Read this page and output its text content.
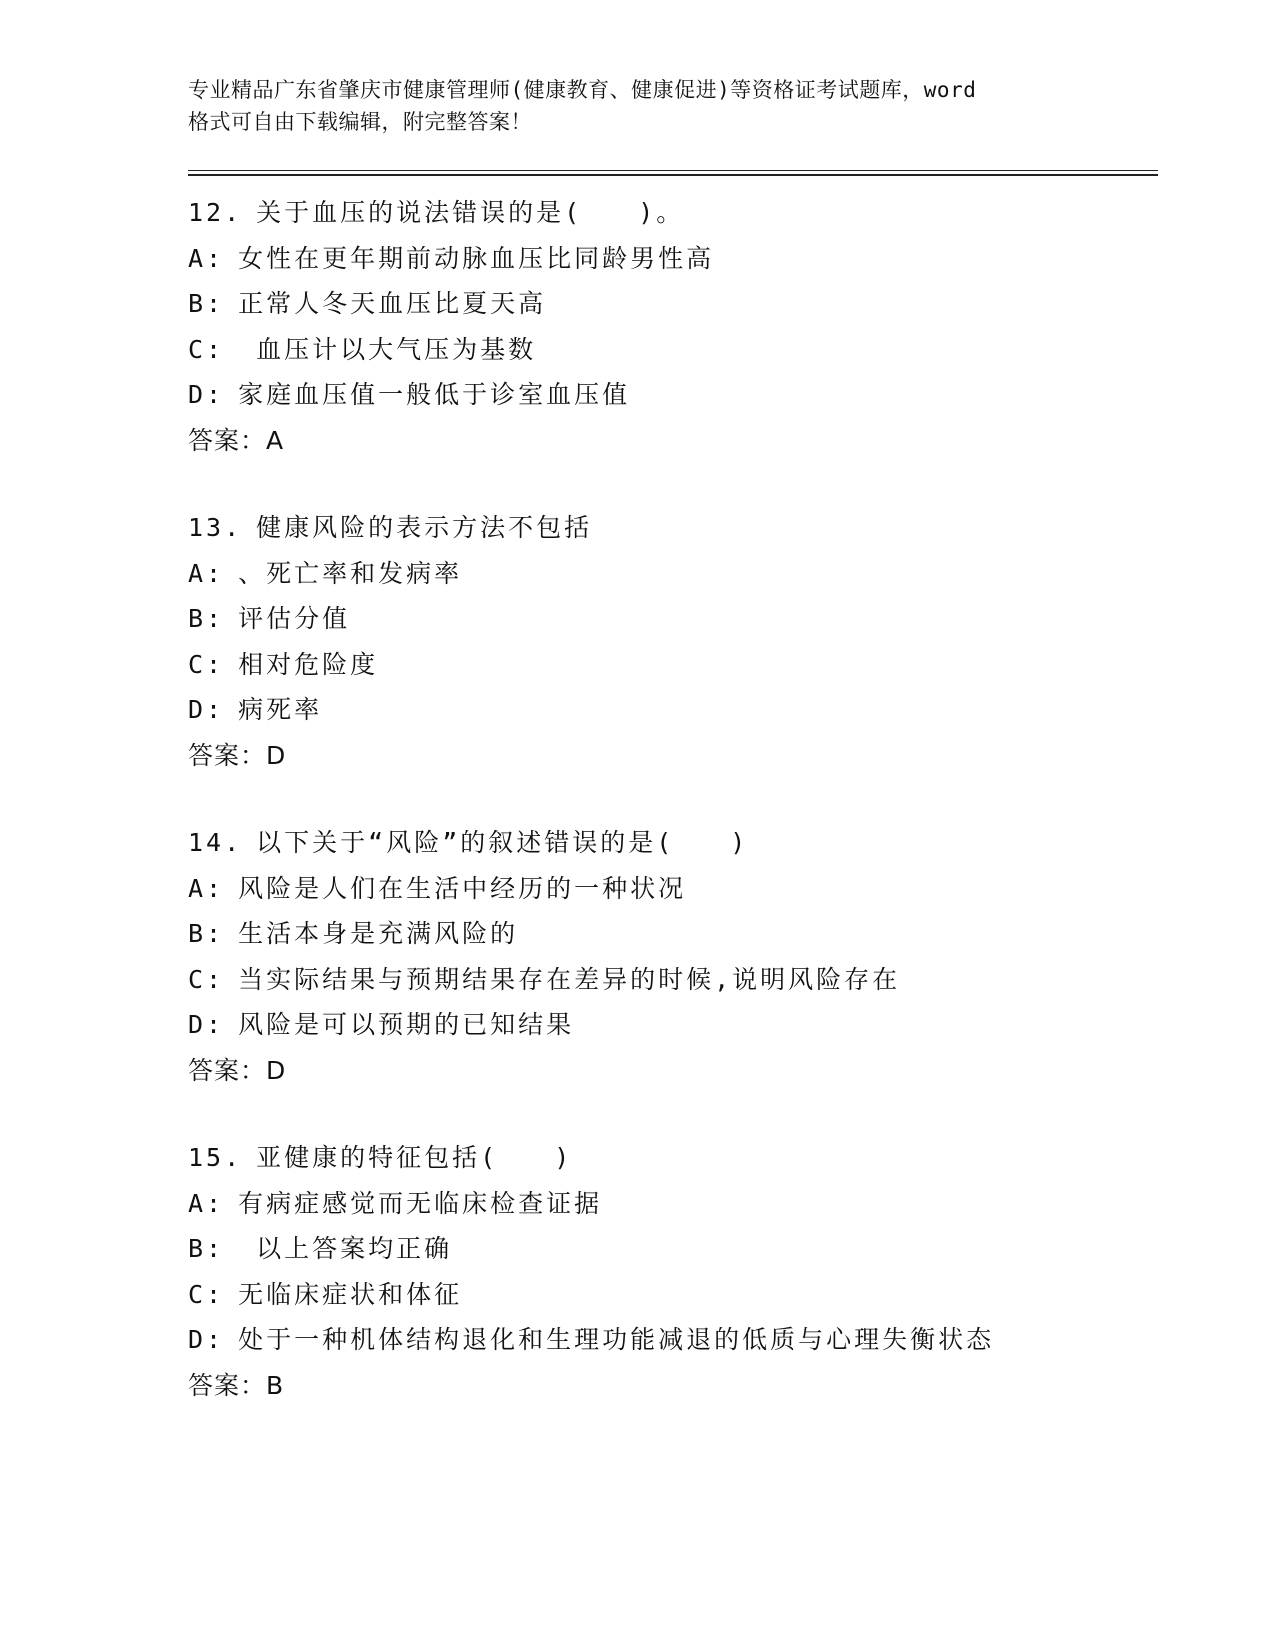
专业精品广东省肇庆市健康管理师(健康教育、健康促进)等资格证考试题库，word
格式可自由下载编辑，附完整答案！
12. 关于血压的说法错误的是(　　)。
A: 女性在更年期前动脉血压比同龄男性高
B: 正常人冬天血压比夏天高
C: 血压计以大气压为基数
D: 家庭血压值一般低于诊室血压值
答案：A
13. 健康风险的表示方法不包括
A: 、死亡率和发病率
B: 评估分值
C: 相对危险度
D: 病死率
答案：D
14. 以下关于“风险”的叙述错误的是(　　)
A: 风险是人们在生活中经历的一种状况
B: 生活本身是充满风险的
C: 当实际结果与预期结果存在差异的时候,说明风险存在
D: 风险是可以预期的已知结果
答案：D
15. 亚健康的特征包括(　　)
A: 有病症感觉而无临床检查证据
B: 以上答案均正确
C: 无临床症状和体征
D: 处于一种机体结构退化和生理功能减退的低质与心理失衡状态
答案：B
